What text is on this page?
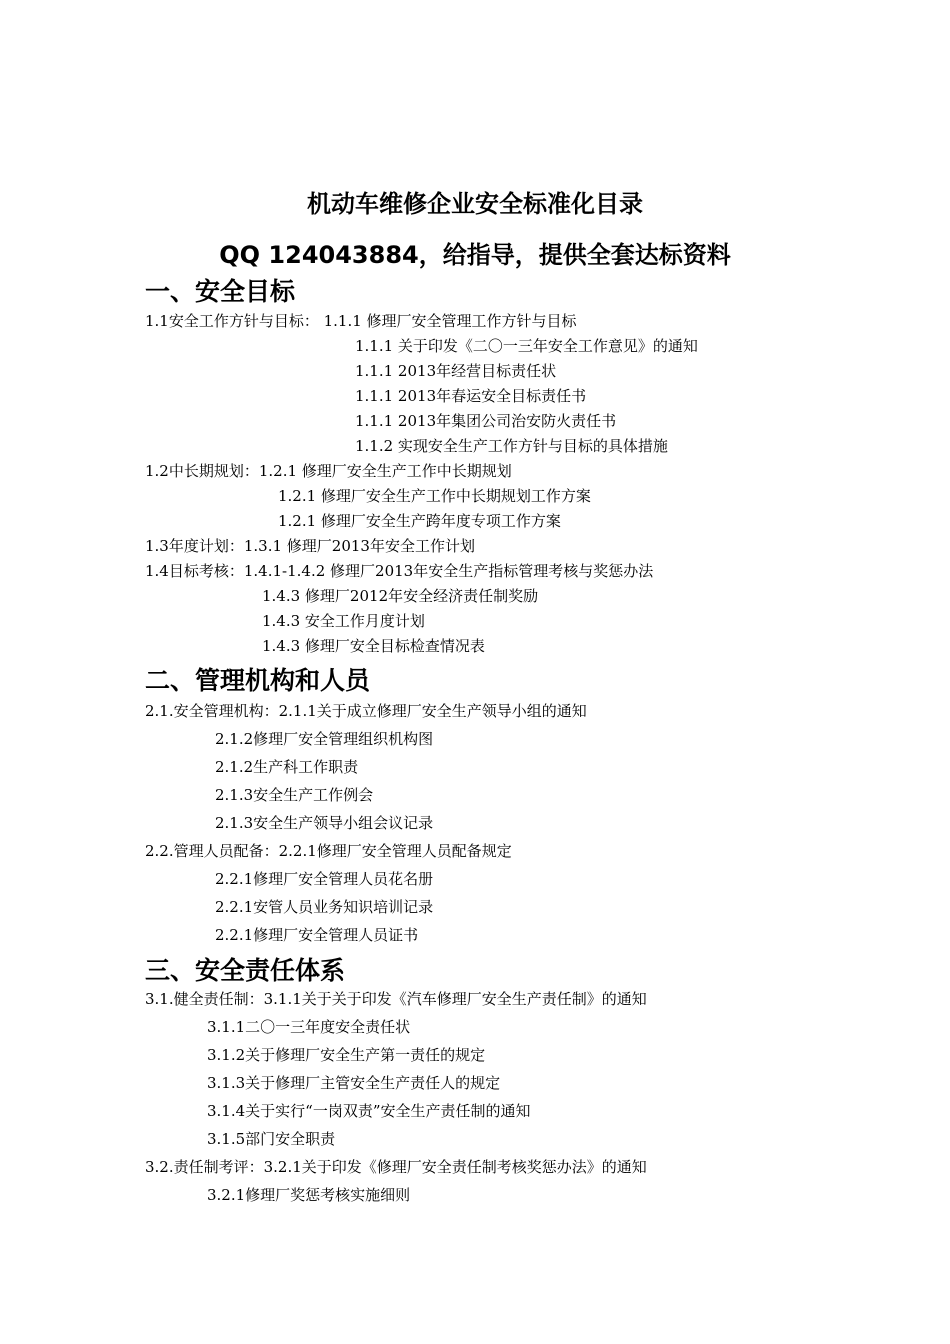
机动车维修企业安全标准化目录
QQ 124043884，给指导，提供全套达标资料
一、安全目标
1.1安全工作方针与目标： 1.1.1 修理厂安全管理工作方针与目标
1.1.1 关于印发《二〇一三年安全工作意见》的通知
1.1.1 2013年经营目标责任状
1.1.1 2013年春运安全目标责任书
1.1.1 2013年集团公司治安防火责任书
1.1.2 实现安全生产工作方针与目标的具体措施
1.2中长期规划：1.2.1 修理厂安全生产工作中长期规划
1.2.1 修理厂安全生产工作中长期规划工作方案
1.2.1 修理厂安全生产跨年度专项工作方案
1.3年度计划：1.3.1 修理厂2013年安全工作计划
1.4目标考核：1.4.1-1.4.2 修理厂2013年安全生产指标管理考核与奖惩办法
1.4.3 修理厂2012年安全经济责任制奖励
1.4.3 安全工作月度计划
1.4.3 修理厂安全目标检查情况表
二、管理机构和人员
2.1.安全管理机构：2.1.1关于成立修理厂安全生产领导小组的通知
2.1.2修理厂安全管理组织机构图
2.1.2生产科工作职责
2.1.3安全生产工作例会
2.1.3安全生产领导小组会议记录
2.2.管理人员配备：2.2.1修理厂安全管理人员配备规定
2.2.1修理厂安全管理人员花名册
2.2.1安管人员业务知识培训记录
2.2.1修理厂安全管理人员证书
三、安全责任体系
3.1.健全责任制：3.1.1关于关于印发《汽车修理厂安全生产责任制》的通知
3.1.1二〇一三年度安全责任状
3.1.2关于修理厂安全生产第一责任的规定
3.1.3关于修理厂主管安全生产责任人的规定
3.1.4关于实行“一岗双责”安全生产责任制的通知
3.1.5部门安全职责
3.2.责任制考评：3.2.1关于印发《修理厂安全责任制考核奖惩办法》的通知
3.2.1修理厂奖惩考核实施细则
